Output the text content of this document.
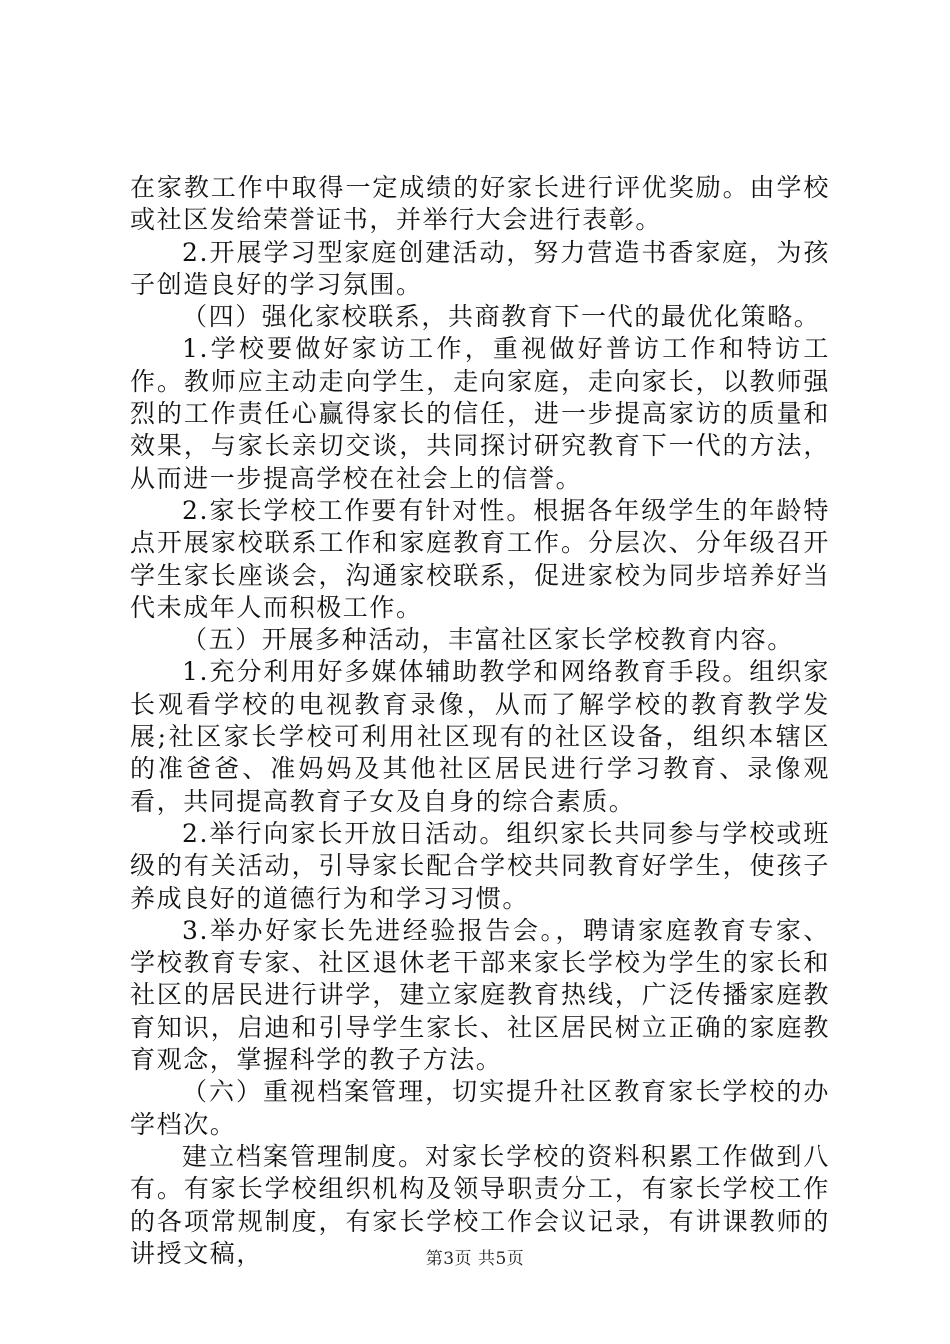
在家教工作中取得一定成绩的好家长进行评优奖励。由学校或社区发给荣誉证书，并举行大会进行表彰。

2.开展学习型家庭创建活动，努力营造书香家庭，为孩子创造良好的学习氛围。

（四）强化家校联系，共商教育下一代的最优化策略。

1.学校要做好家访工作，重视做好普访工作和特访工作。教师应主动走向学生，走向家庭，走向家长，以教师强烈的工作责任心赢得家长的信任，进一步提高家访的质量和效果，与家长亲切交谈，共同探讨研究教育下一代的方法，从而进一步提高学校在社会上的信誉。

2.家长学校工作要有针对性。根据各年级学生的年龄特点开展家校联系工作和家庭教育工作。分层次、分年级召开学生家长座谈会，沟通家校联系，促进家校为同步培养好当代未成年人而积极工作。

（五）开展多种活动，丰富社区家长学校教育内容。

1.充分利用好多媒体辅助教学和网络教育手段。组织家长观看学校的电视教育录像，从而了解学校的教育教学发展;社区家长学校可利用社区现有的社区设备，组织本辖区的准爸爸、准妈妈及其他社区居民进行学习教育、录像观看，共同提高教育子女及自身的综合素质。

2.举行向家长开放日活动。组织家长共同参与学校或班级的有关活动，引导家长配合学校共同教育好学生，使孩子养成良好的道德行为和学习习惯。

3.举办好家长先进经验报告会。，聘请家庭教育专家、学校教育专家、社区退休老干部来家长学校为学生的家长和社区的居民进行讲学，建立家庭教育热线，广泛传播家庭教育知识，启迪和引导学生家长、社区居民树立正确的家庭教育观念，掌握科学的教子方法。

（六）重视档案管理，切实提升社区教育家长学校的办学档次。

建立档案管理制度。对家长学校的资料积累工作做到八有。有家长学校组织机构及领导职责分工，有家长学校工作的各项常规制度，有家长学校工作会议记录，有讲课教师的讲授文稿，	第3页 共5页
